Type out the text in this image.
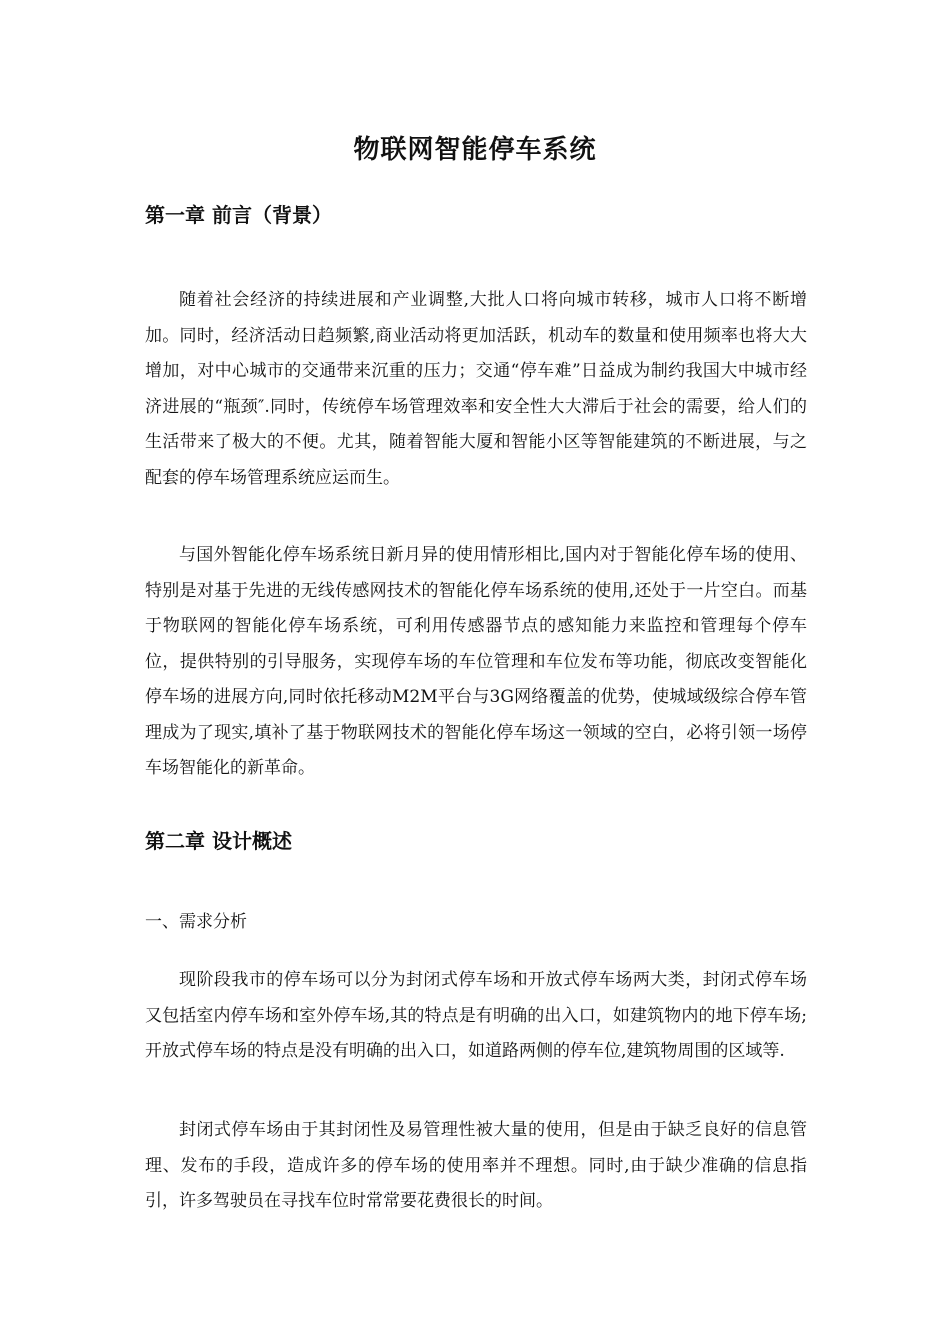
物联网智能停车系统
第一章 前言（背景）

随着社会经济的持续进展和产业调整,大批人口将向城市转移，城市人口将不断增加。同时，经济活动日趋频繁,商业活动将更加活跃，机动车的数量和使用频率也将大大增加，对中心城市的交通带来沉重的压力；交通“停车难”日益成为制约我国大中城市经济进展的“瓶颈″.同时，传统停车场管理效率和安全性大大滞后于社会的需要，给人们的生活带来了极大的不便。尤其，随着智能大厦和智能小区等智能建筑的不断进展，与之配套的停车场管理系统应运而生。

与国外智能化停车场系统日新月异的使用情形相比,国内对于智能化停车场的使用、特别是对基于先进的无线传感网技术的智能化停车场系统的使用,还处于一片空白。而基于物联网的智能化停车场系统，可利用传感器节点的感知能力来监控和管理每个停车位，提供特别的引导服务，实现停车场的车位管理和车位发布等功能，彻底改变智能化停车场的进展方向,同时依托移动M2M平台与3G网络覆盖的优势，使城域级综合停车管理成为了现实,填补了基于物联网技术的智能化停车场这一领域的空白，必将引领一场停车场智能化的新革命。

第二章 设计概述
一、需求分析

现阶段我市的停车场可以分为封闭式停车场和开放式停车场两大类，封闭式停车场又包括室内停车场和室外停车场,其的特点是有明确的出入口，如建筑物内的地下停车场;开放式停车场的特点是没有明确的出入口，如道路两侧的停车位,建筑物周围的区域等.

封闭式停车场由于其封闭性及易管理性被大量的使用，但是由于缺乏良好的信息管理、发布的手段，造成许多的停车场的使用率并不理想。同时,由于缺少准确的信息指引，许多驾驶员在寻找车位时常常要花费很长的时间。
